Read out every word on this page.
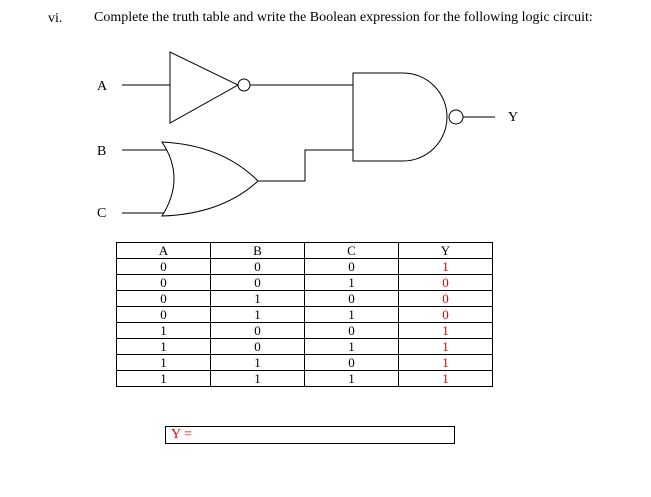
vi. Complete the truth table and write the Boolean expression for the following logic circuit:
A
B
C
Y
A	B	C	Y
0	0	0	1
0	0	1	0
0	1	0	0
0	1	1	0
1	0	0	1
1	0	1	1
1	1	0	1
1	1	1	1
Y =
